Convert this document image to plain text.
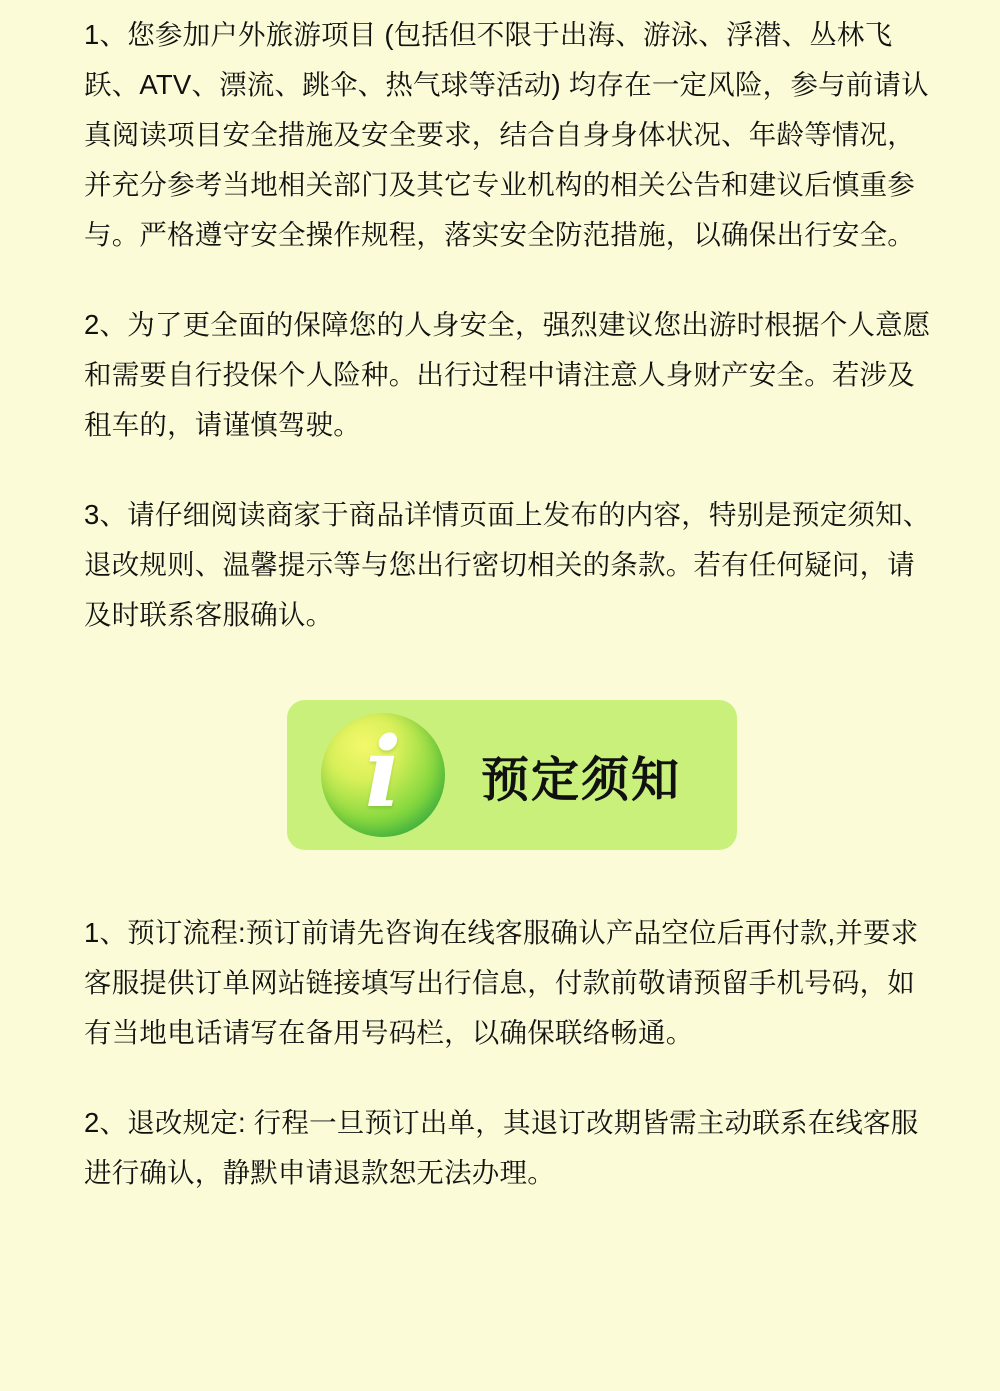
1、您参加户外旅游项目 (包括但不限于出海、游泳、浮潜、丛林飞跃、ATV、漂流、跳伞、热气球等活动) 均存在一定风险，参与前请认真阅读项目安全措施及安全要求，结合自身身体状况、年龄等情况，并充分参考当地相关部门及其它专业机构的相关公告和建议后慎重参与。严格遵守安全操作规程，落实安全防范措施，以确保出行安全。

2、为了更全面的保障您的人身安全，强烈建议您出游时根据个人意愿和需要自行投保个人险种。出行过程中请注意人身财产安全。若涉及租车的，请谨慎驾驶。

3、请仔细阅读商家于商品详情页面上发布的内容，特别是预定须知、退改规则、温馨提示等与您出行密切相关的条款。若有任何疑问，请及时联系客服确认。

i 预定须知

1、预订流程:预订前请先咨询在线客服确认产品空位后再付款,并要求客服提供订单网站链接填写出行信息，付款前敬请预留手机号码，如有当地电话请写在备用号码栏，以确保联络畅通。

2、退改规定: 行程一旦预订出单，其退订改期皆需主动联系在线客服进行确认，静默申请退款恕无法办理。
